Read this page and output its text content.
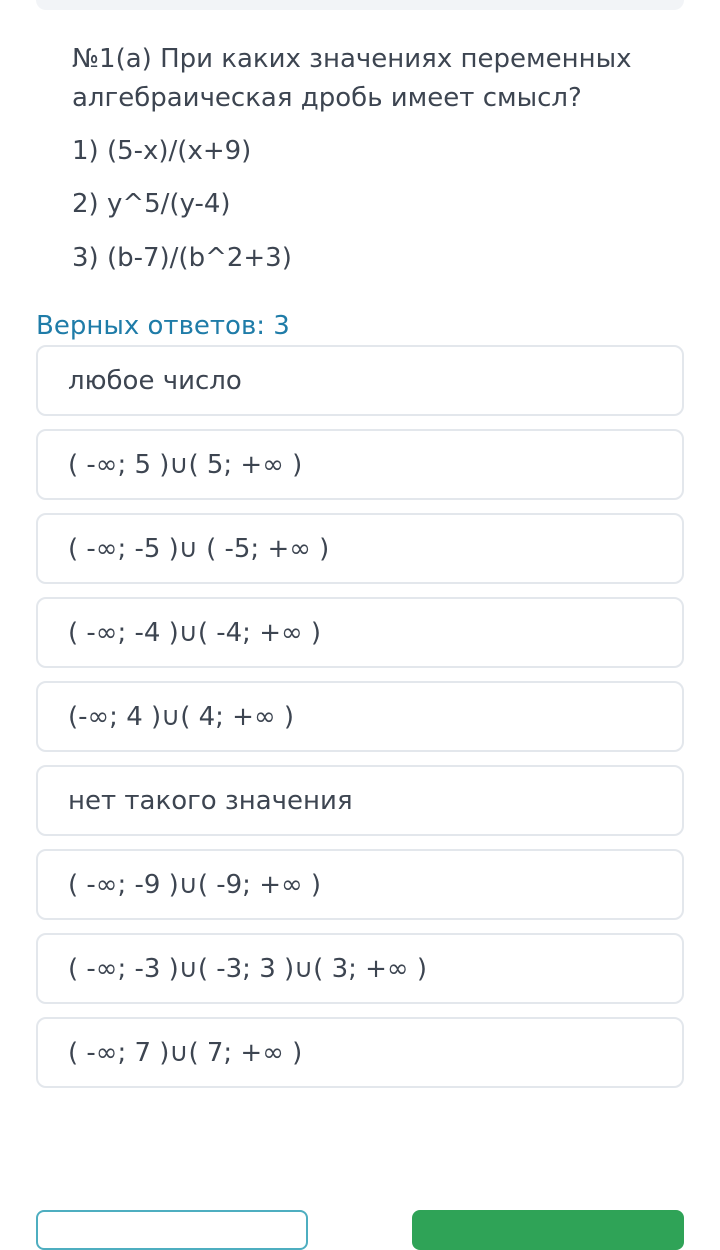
№1(а) При каких значениях переменных алгебраическая дробь имеет смысл?

1) (5-x)/(x+9)

2) y^5/(y-4)

3) (b-7)/(b^2+3)

Верных ответов: 3
любое число
( -∞; 5 )∪( 5; +∞ )
( -∞; -5 )∪ ( -5; +∞ )
( -∞; -4 )∪( -4; +∞ )
(-∞; 4 )∪( 4; +∞ )
нет такого значения
( -∞; -9 )∪( -9; +∞ )
( -∞; -3 )∪( -3; 3 )∪( 3; +∞ )
( -∞; 7 )∪( 7; +∞ )
